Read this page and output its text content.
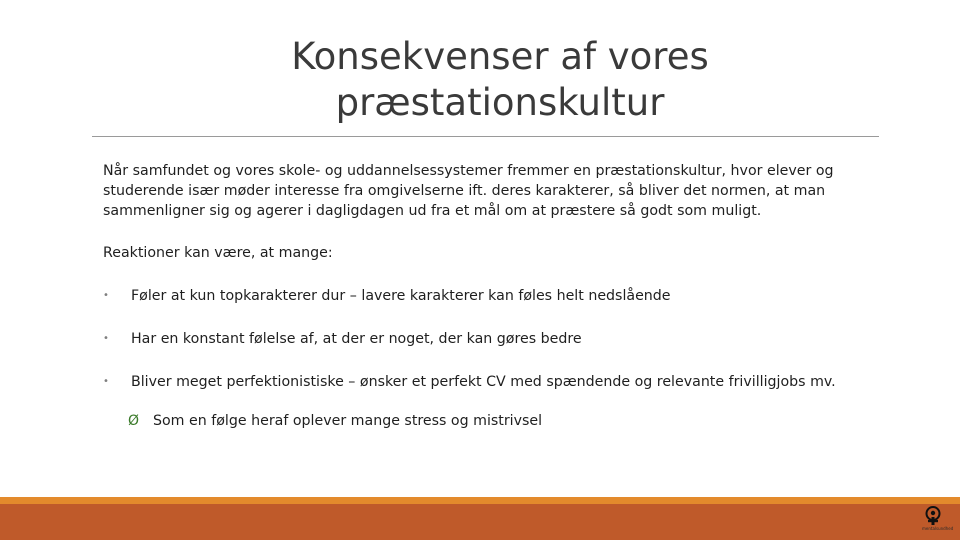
Konsekvenser af vores
præstationskultur

Når samfundet og vores skole- og uddannelsessystemer fremmer en præstationskultur, hvor elever og studerende især møder interesse fra omgivelserne ift. deres karakterer, så bliver det normen, at man sammenligner sig og agerer i dagligdagen ud fra et mål om at præstere så godt som muligt.

Reaktioner kan være, at mange:

• Føler at kun topkarakterer dur – lavere karakterer kan føles helt nedslående
• Har en konstant følelse af, at der er noget, der kan gøres bedre
• Bliver meget perfektionistiske – ønsker et perfekt CV med spændende og relevante frivilligjobs mv.
Ø Som en følge heraf oplever mange stress og mistrivsel
mentalsundhed
